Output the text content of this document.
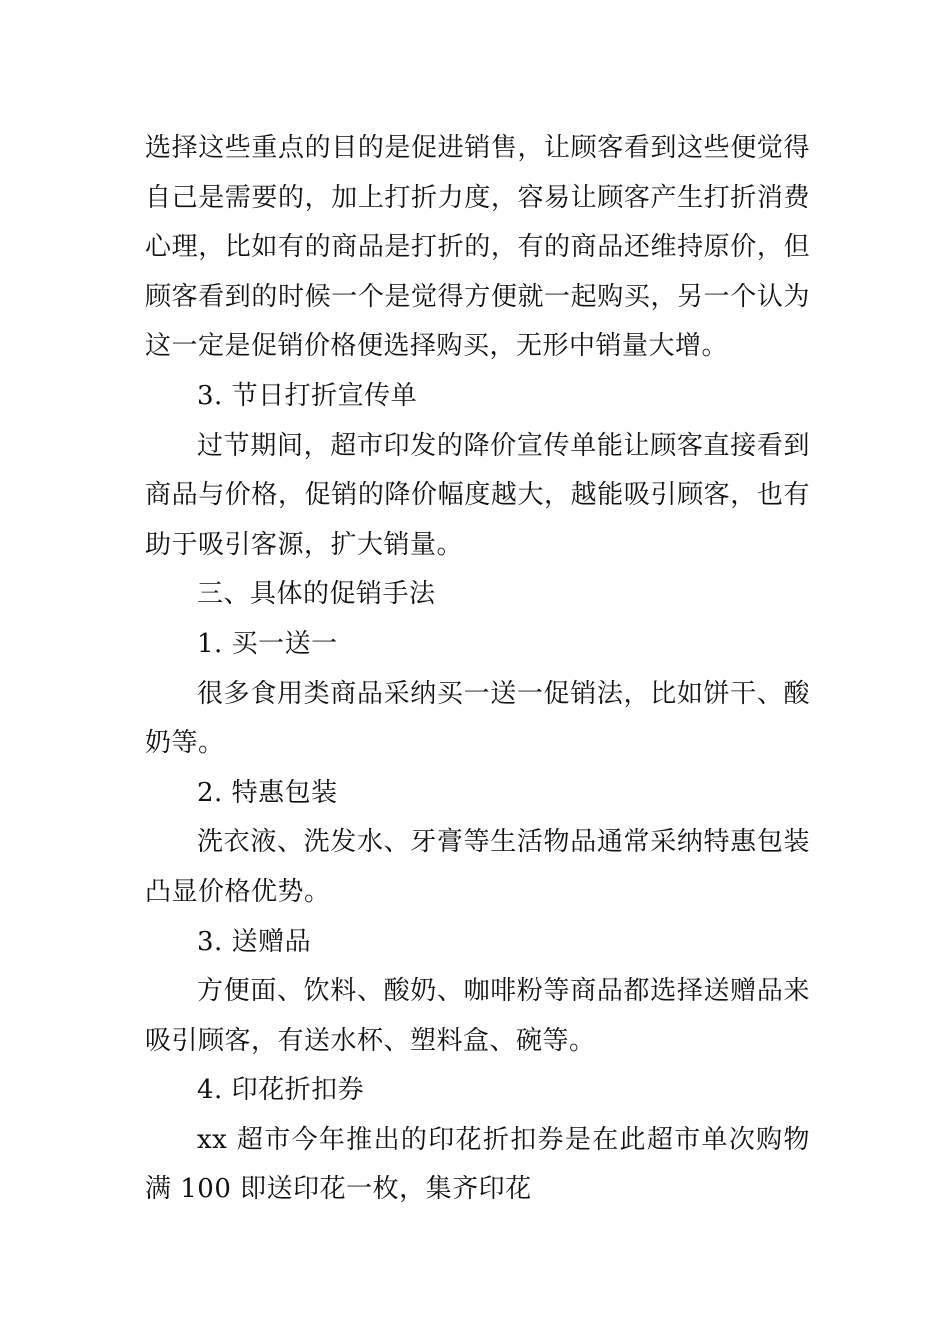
选择这些重点的目的是促进销售，让顾客看到这些便觉得自己是需要的，加上打折力度，容易让顾客产生打折消费心理，比如有的商品是打折的，有的商品还维持原价，但顾客看到的时候一个是觉得方便就一起购买，另一个认为这一定是促销价格便选择购买，无形中销量大增。

3. 节日打折宣传单

过节期间，超市印发的降价宣传单能让顾客直接看到商品与价格，促销的降价幅度越大，越能吸引顾客，也有助于吸引客源，扩大销量。

三、具体的促销手法

1. 买一送一

很多食用类商品采纳买一送一促销法，比如饼干、酸奶等。

2. 特惠包装

洗衣液、洗发水、牙膏等生活物品通常采纳特惠包装凸显价格优势。

3. 送赠品

方便面、饮料、酸奶、咖啡粉等商品都选择送赠品来吸引顾客，有送水杯、塑料盒、碗等。

4. 印花折扣券

xx 超市今年推出的印花折扣券是在此超市单次购物满 100 即送印花一枚，集齐印花
